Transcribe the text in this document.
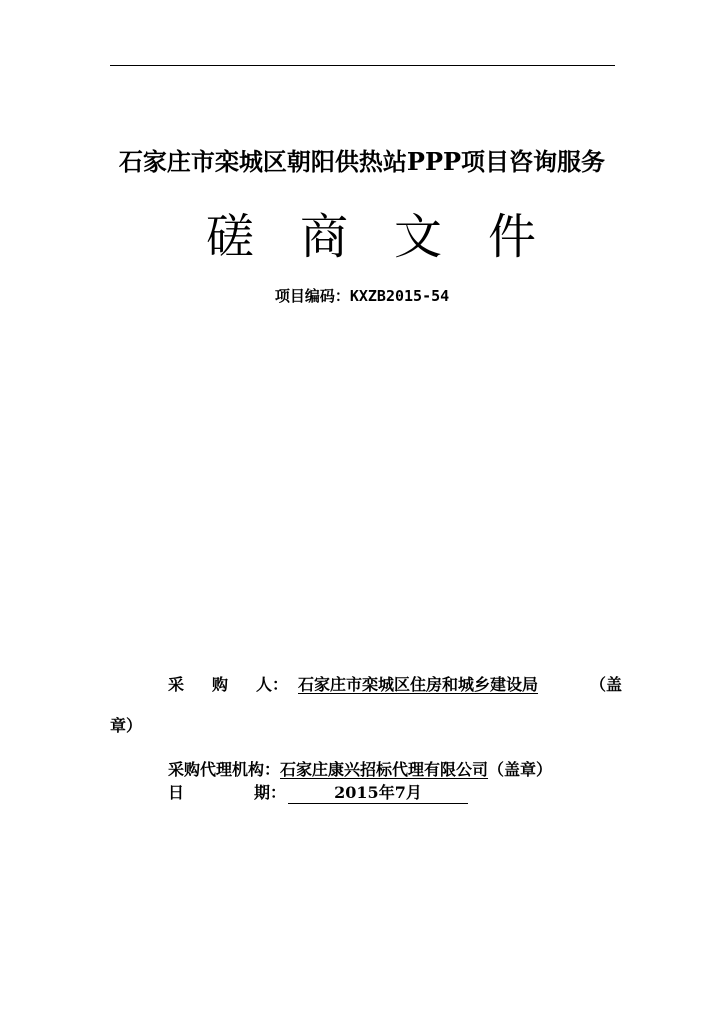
石家庄市栾城区朝阳供热站PPP项目咨询服务
磋 商 文 件
项目编码：KXZB2015-54
采 购 人： 石家庄市栾城区住房和城乡建设局	（盖
章）
采购代理机构：石家庄康兴招标代理有限公司（盖章）
日	期：	2015年7月
